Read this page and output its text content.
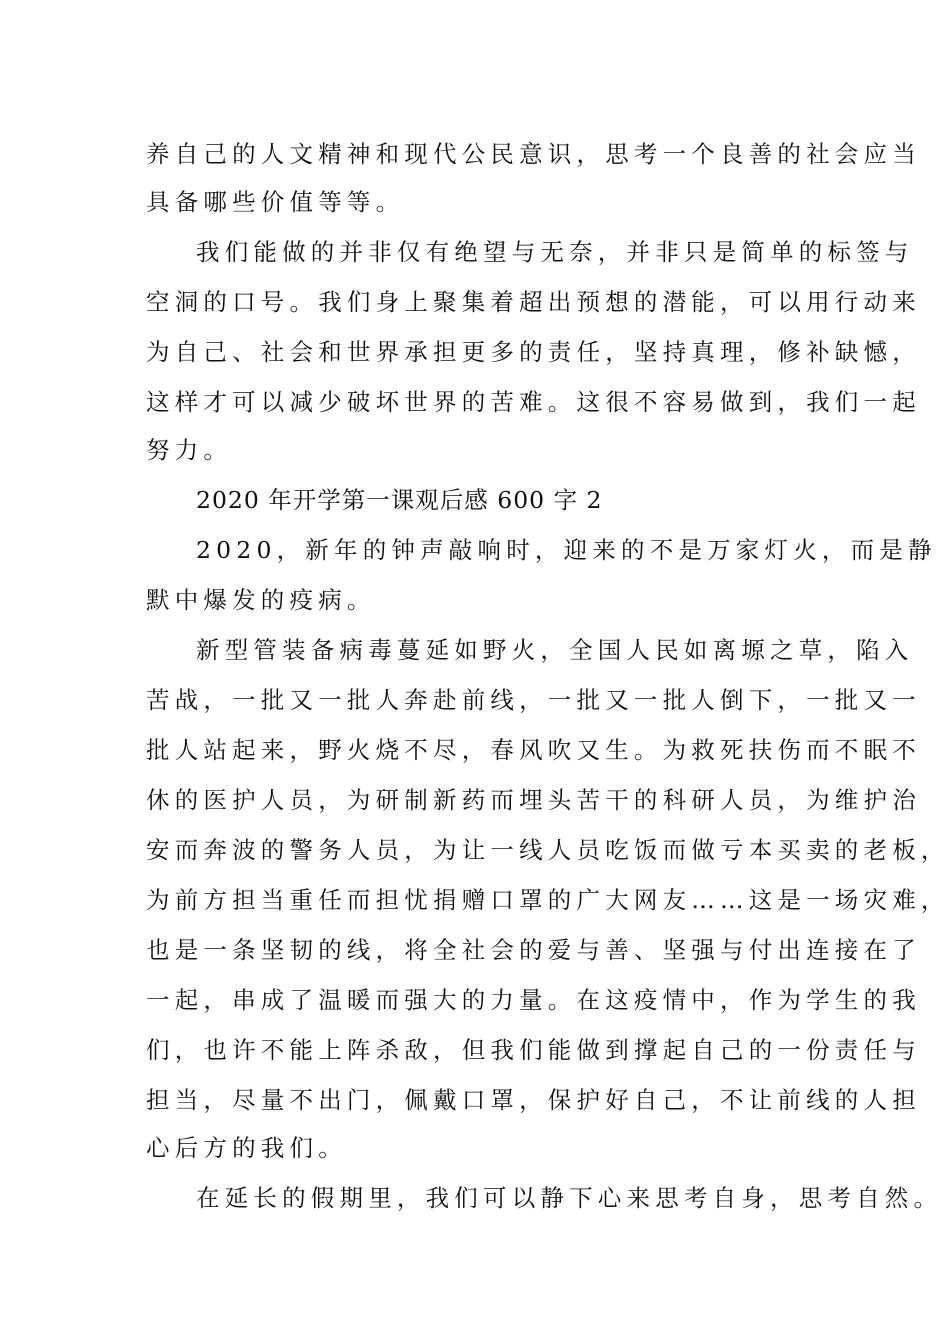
养自己的人文精神和现代公民意识，思考一个良善的社会应当
具备哪些价值等等。
我们能做的并非仅有绝望与无奈，并非只是简单的标签与
空洞的口号。我们身上聚集着超出预想的潜能，可以用行动来
为自己、社会和世界承担更多的责任，坚持真理，修补缺憾，
这样才可以减少破坏世界的苦难。这很不容易做到，我们一起
努力。
2020 年开学第一课观后感 600 字 2
2020，新年的钟声敲响时，迎来的不是万家灯火，而是静
默中爆发的疫病。
新型管装备病毒蔓延如野火，全国人民如离塬之草，陷入
苦战，一批又一批人奔赴前线，一批又一批人倒下，一批又一
批人站起来，野火烧不尽，春风吹又生。为救死扶伤而不眠不
休的医护人员，为研制新药而埋头苦干的科研人员，为维护治
安而奔波的警务人员，为让一线人员吃饭而做亏本买卖的老板，
为前方担当重任而担忧捐赠口罩的广大网友……这是一场灾难，
也是一条坚韧的线，将全社会的爱与善、坚强与付出连接在了
一起，串成了温暖而强大的力量。在这疫情中，作为学生的我
们，也许不能上阵杀敌，但我们能做到撑起自己的一份责任与
担当，尽量不出门，佩戴口罩，保护好自己，不让前线的人担
心后方的我们。
在延长的假期里，我们可以静下心来思考自身，思考自然。
